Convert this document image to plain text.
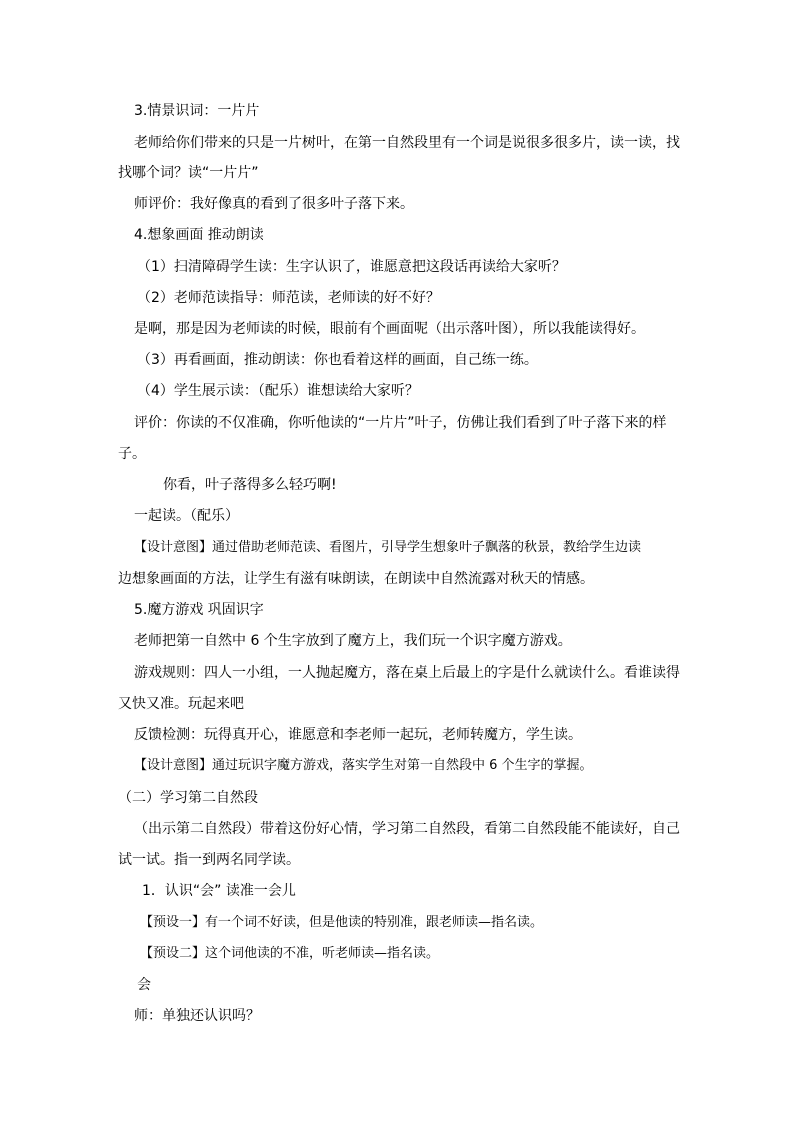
3.情景识词：一片片
老师给你们带来的只是一片树叶，在第一自然段里有一个词是说很多很多片，读一读，找
找哪个词？读“一片片”
师评价：我好像真的看到了很多叶子落下来。
4.想象画面 推动朗读
（1）扫清障碍学生读：生字认识了，谁愿意把这段话再读给大家听？
（2）老师范读指导：师范读，老师读的好不好？
是啊，那是因为老师读的时候，眼前有个画面呢（出示落叶图），所以我能读得好。
（3）再看画面，推动朗读：你也看着这样的画面，自己练一练。
（4）学生展示读：（配乐）谁想读给大家听？
评价：你读的不仅准确，你听他读的“一片片”叶子，仿佛让我们看到了叶子落下来的样
子。
你看，叶子落得多么轻巧啊!
一起读。（配乐）
【设计意图】通过借助老师范读、看图片，引导学生想象叶子飘落的秋景，教给学生边读
边想象画面的方法，让学生有滋有味朗读，在朗读中自然流露对秋天的情感。
5.魔方游戏 巩固识字
老师把第一自然中 6 个生字放到了魔方上，我们玩一个识字魔方游戏。
游戏规则：四人一小组，一人抛起魔方，落在桌上后最上的字是什么就读什么。看谁读得
又快又准。玩起来吧
反馈检测：玩得真开心，谁愿意和李老师一起玩，老师转魔方，学生读。
【设计意图】通过玩识字魔方游戏，落实学生对第一自然段中 6 个生字的掌握。
（二）学习第二自然段
（出示第二自然段）带着这份好心情，学习第二自然段，看第二自然段能不能读好，自己
试一试。指一到两名同学读。
1．认识“会” 读准一会儿
【预设一】有一个词不好读，但是他读的特别准，跟老师读—指名读。
【预设二】这个词他读的不准，听老师读—指名读。
会
师：单独还认识吗？
